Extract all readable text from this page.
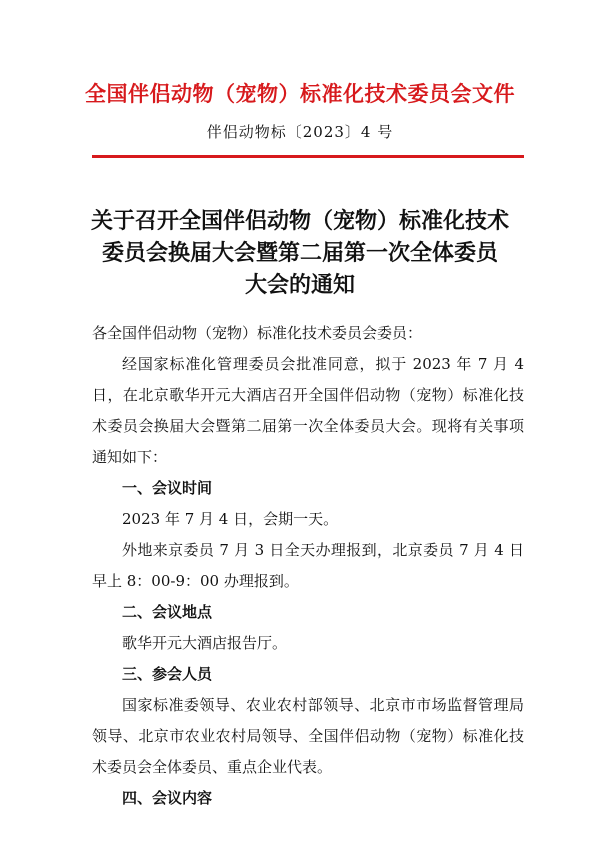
全国伴侣动物（宠物）标准化技术委员会文件
伴侣动物标〔2023〕4 号
关于召开全国伴侣动物（宠物）标准化技术
委员会换届大会暨第二届第一次全体委员
大会的通知

各全国伴侣动物（宠物）标准化技术委员会委员：

经国家标准化管理委员会批准同意，拟于 2023 年 7 月 4 日，在北京歌华开元大酒店召开全国伴侣动物（宠物）标准化技术委员会换届大会暨第二届第一次全体委员大会。现将有关事项通知如下：

一、会议时间

2023 年 7 月 4 日，会期一天。

外地来京委员 7 月 3 日全天办理报到，北京委员 7 月 4 日早上 8：00-9：00 办理报到。

二、会议地点

歌华开元大酒店报告厅。

三、参会人员

国家标准委领导、农业农村部领导、北京市市场监督管理局领导、北京市农业农村局领导、全国伴侣动物（宠物）标准化技术委员会全体委员、重点企业代表。

四、会议内容
